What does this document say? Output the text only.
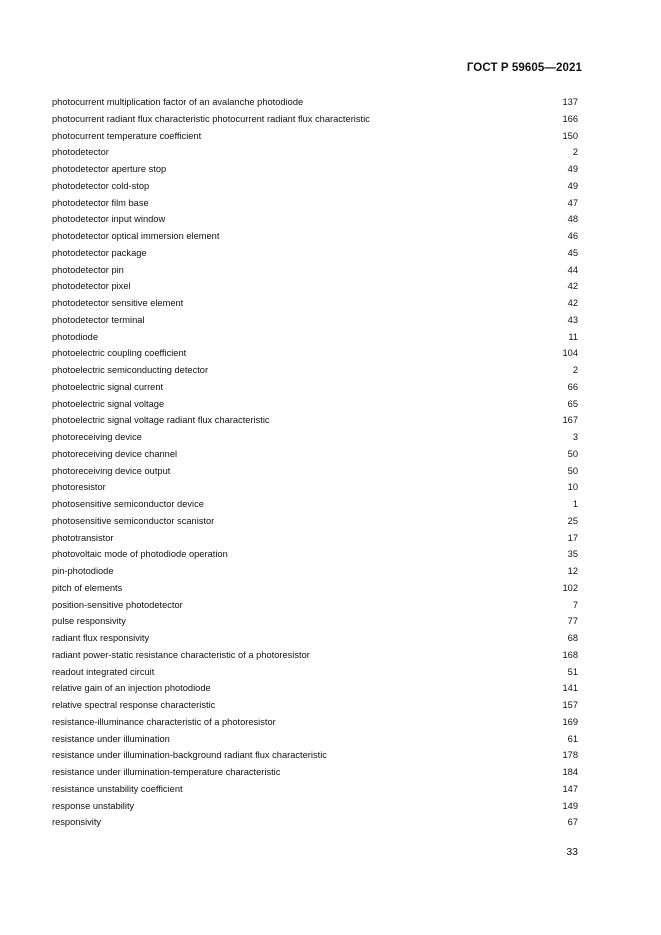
ГОСТ Р 59605—2021
photocurrent multiplication factor of an avalanche photodiode	137
photocurrent radiant flux characteristic photocurrent radiant flux characteristic	166
photocurrent temperature coefficient	150
photodetector	2
photodetector aperture stop	49
photodetector cold-stop	49
photodetector film base	47
photodetector input window	48
photodetector optical immersion element	46
photodetector package	45
photodetector pin	44
photodetector pixel	42
photodetector sensitive element	42
photodetector terminal	43
photodiode	11
photoelectric coupling coefficient	104
photoelectric semiconducting detector	2
photoelectric signal current	66
photoelectric signal voltage	65
photoelectric signal voltage radiant flux characteristic	167
photoreceiving device	3
photoreceiving device channel	50
photoreceiving device output	50
photoresistor	10
photosensitive semiconductor device	1
photosensitive semiconductor scanistor	25
phototransistor	17
photovoltaic mode of photodiode operation	35
pin-photodiode	12
pitch of elements	102
position-sensitive photodetector	7
pulse responsivity	77
radiant flux responsivity	68
radiant power-static resistance characteristic of a photoresistor	168
readout integrated circuit	51
relative gain of an injection photodiode	141
relative spectral response characteristic	157
resistance-illuminance characteristic of a photoresistor	169
resistance under illumination	61
resistance under illumination-background radiant flux characteristic	178
resistance under illumination-temperature characteristic	184
resistance unstability coefficient	147
response unstability	149
responsivity	67
33
